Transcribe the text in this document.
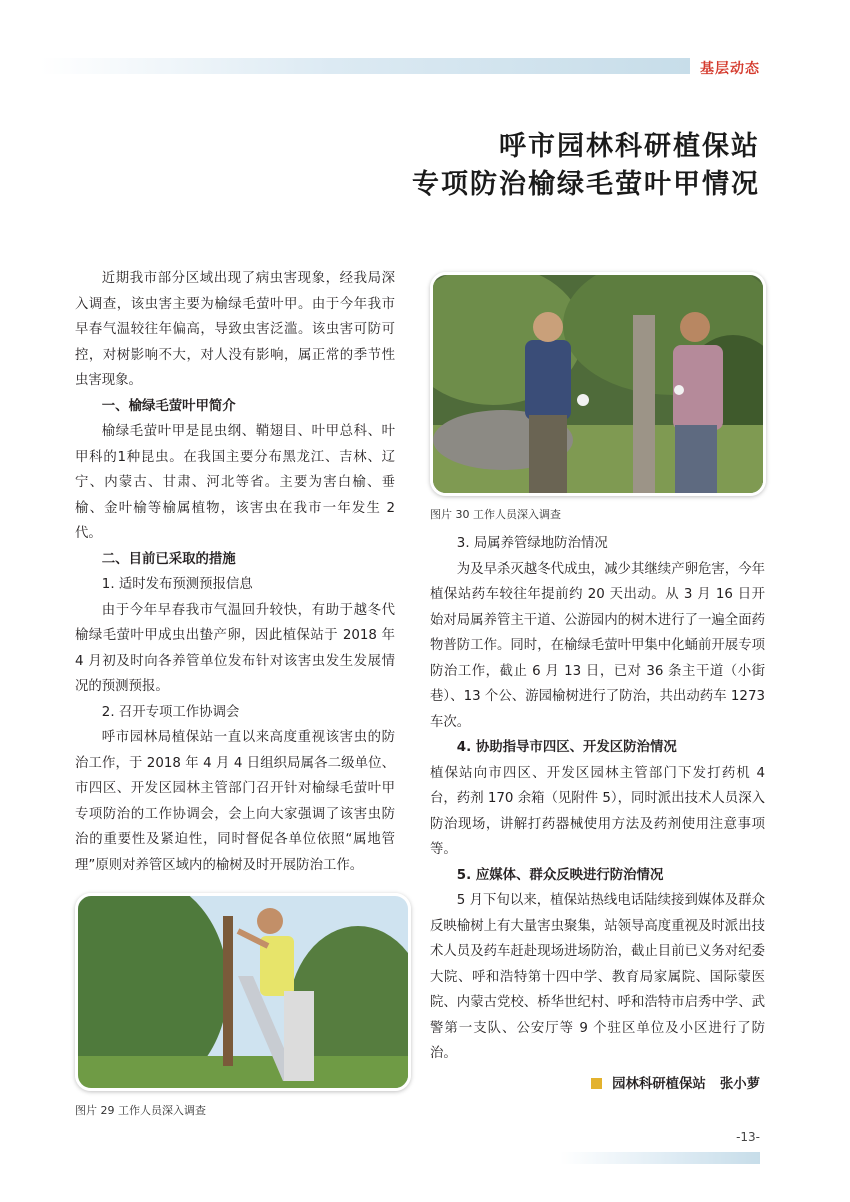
基层动态
呼市园林科研植保站
专项防治榆绿毛萤叶甲情况

近期我市部分区域出现了病虫害现象，经我局深入调查，该虫害主要为榆绿毛萤叶甲。由于今年我市早春气温较往年偏高，导致虫害泛滥。该虫害可防可控，对树影响不大，对人没有影响，属正常的季节性虫害现象。

一、榆绿毛萤叶甲简介

榆绿毛萤叶甲是昆虫纲、鞘翅目、叶甲总科、叶甲科的1种昆虫。在我国主要分布黑龙江、吉林、辽宁、内蒙古、甘肃、河北等省。主要为害白榆、垂榆、金叶榆等榆属植物，该害虫在我市一年发生 2 代。

二、目前已采取的措施
1. 适时发布预测预报信息

由于今年早春我市气温回升较快，有助于越冬代榆绿毛萤叶甲成虫出蛰产卵，因此植保站于 2018 年 4 月初及时向各养管单位发布针对该害虫发生发展情况的预测预报。

2. 召开专项工作协调会

呼市园林局植保站一直以来高度重视该害虫的防治工作，于 2018 年 4 月 4 日组织局属各二级单位、市四区、开发区园林主管部门召开针对榆绿毛萤叶甲专项防治的工作协调会，会上向大家强调了该害虫防治的重要性及紧迫性，同时督促各单位依照“属地管理”原则对养管区域内的榆树及时开展防治工作。

图片 30 工作人员深入调查
3. 局属养管绿地防治情况

为及早杀灭越冬代成虫，减少其继续产卵危害，今年植保站药车较往年提前约 20 天出动。从 3 月 16 日开始对局属养管主干道、公游园内的树木进行了一遍全面药物普防工作。同时，在榆绿毛萤叶甲集中化蛹前开展专项防治工作，截止 6 月 13 日，已对 36 条主干道（小街巷）、13 个公、游园榆树进行了防治，共出动药车 1273 车次。

4. 协助指导市四区、开发区防治情况

植保站向市四区、开发区园林主管部门下发打药机 4 台，药剂 170 余箱（见附件 5），同时派出技术人员深入防治现场，讲解打药器械使用方法及药剂使用注意事项等。

5. 应媒体、群众反映进行防治情况

5 月下旬以来，植保站热线电话陆续接到媒体及群众反映榆树上有大量害虫聚集，站领导高度重视及时派出技术人员及药车赶赴现场进场防治，截止目前已义务对纪委大院、呼和浩特第十四中学、教育局家属院、国际蒙医院、内蒙古党校、桥华世纪村、呼和浩特市启秀中学、武警第一支队、公安厅等 9 个驻区单位及小区进行了防治。

图片 29 工作人员深入调查
园林科研植保站 张小萝
-13-
